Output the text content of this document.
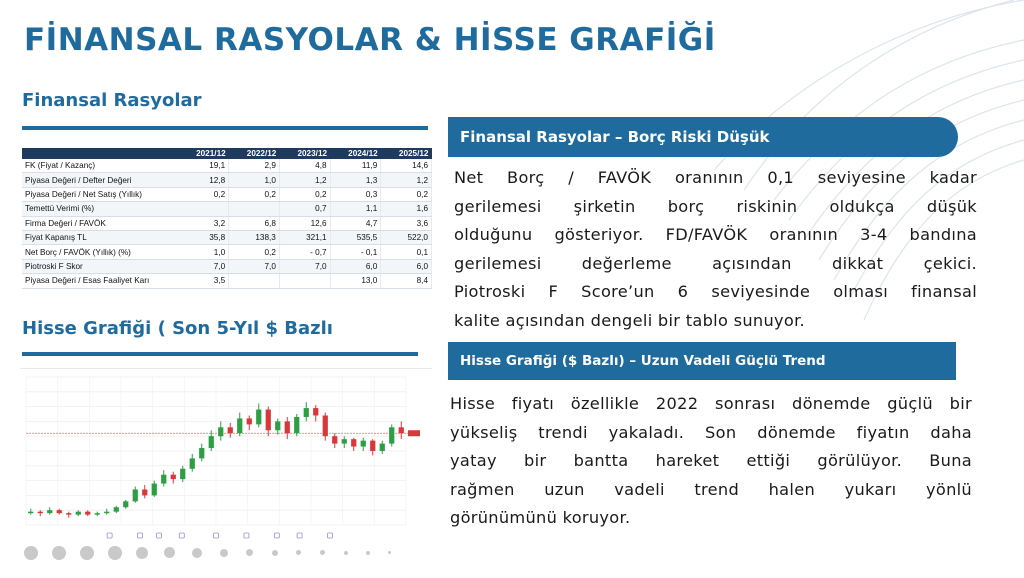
FİNANSAL RASYOLAR & HİSSE GRAFİĞİ
Finansal Rasyolar
	2021/12	2022/12	2023/12	2024/12	2025/12
FK (Fiyat / Kazanç)	19,1	2,9	4,8	11,9	14,6
Piyasa Değeri / Defter Değeri	12,8	1,0	1,2	1,3	1,2
Piyasa Değeri / Net Satış (Yıllık)	0,2	0,2	0,2	0,3	0,2
Temettü Verimi (%)			0,7	1,1	1,6
Firma Değeri / FAVÖK	3,2	6,8	12,6	4,7	3,6
Fiyat Kapanış TL	35,8	138,3	321,1	535,5	522,0
Net Borç / FAVÖK (Yıllık) (%)	1,0	0,2	- 0,7	- 0,1	0,1
Piotroski F Skor	7,0	7,0	7,0	6,0	6,0
Piyasa Değeri / Esas Faaliyet Karı	3,5			13,0	8,4
Hisse Grafiği ( Son 5-Yıl $ Bazlı
Finansal Rasyolar – Borç Riski Düşük
Net Borç / FAVÖK oranının 0,1 seviyesine kadar
gerilemesi şirketin borç riskinin oldukça düşük
olduğunu gösteriyor. FD/FAVÖK oranının 3-4 bandına
gerilemesi değerleme açısından dikkat çekici.
Piotroski F Score’un 6 seviyesinde olması finansal
kalite açısından dengeli bir tablo sunuyor.
Hisse Grafiği ($ Bazlı) – Uzun Vadeli Güçlü Trend
Hisse fiyatı özellikle 2022 sonrası dönemde güçlü bir
yükseliş trendi yakaladı. Son dönemde fiyatın daha
yatay bir bantta hareket ettiği görülüyor. Buna
rağmen uzun vadeli trend halen yukarı yönlü
görünümünü koruyor.
